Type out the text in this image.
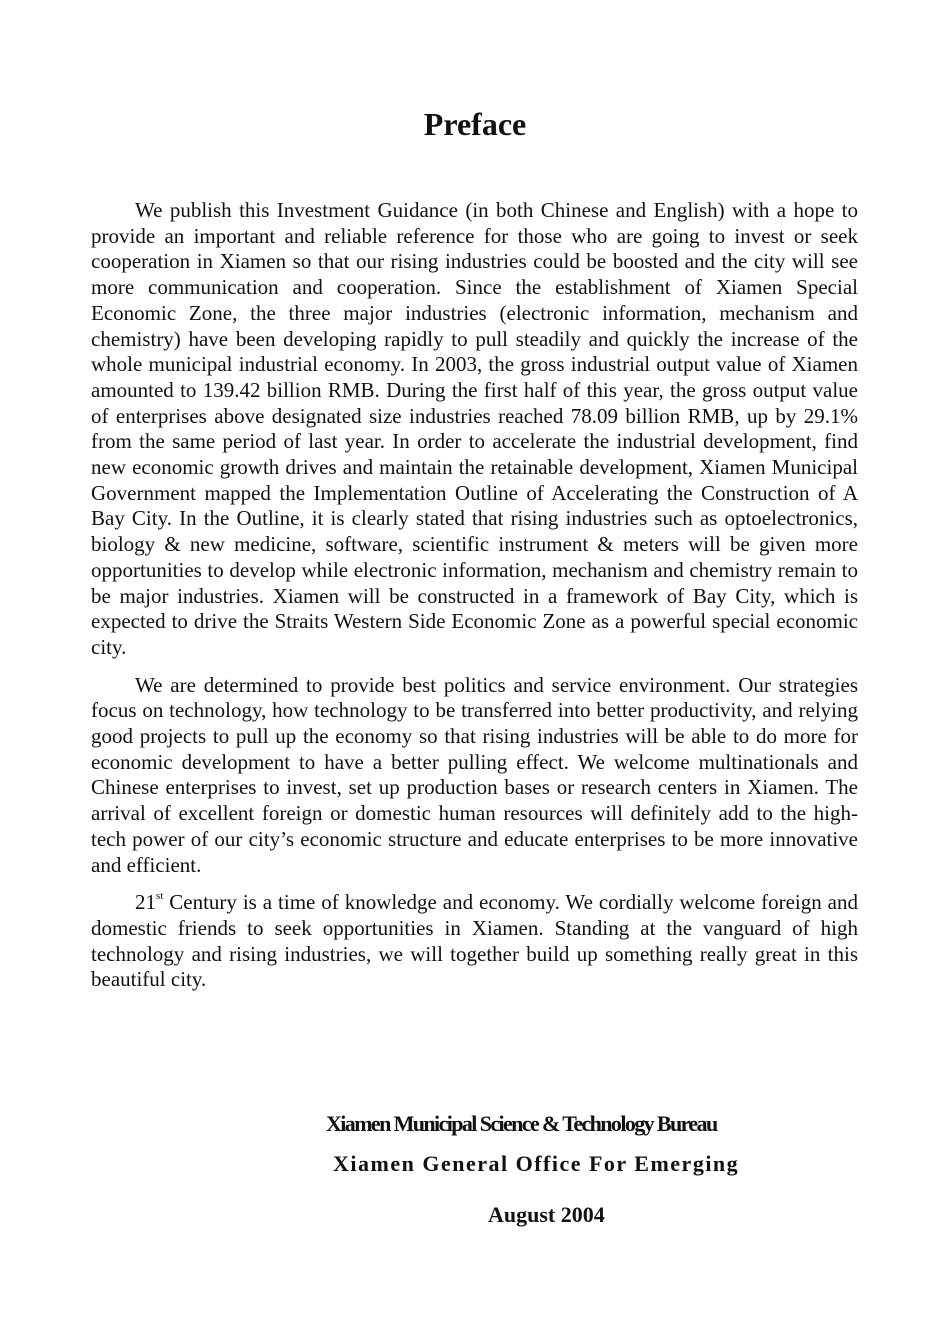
Preface

We publish this Investment Guidance (in both Chinese and English) with a hope to provide an important and reliable reference for those who are going to invest or seek cooperation in Xiamen so that our rising industries could be boosted and the city will see more communication and cooperation. Since the establishment of Xiamen Special Economic Zone, the three major industries (electronic information, mechanism and chemistry) have been developing rapidly to pull steadily and quickly the increase of the whole municipal industrial economy. In 2003, the gross industrial output value of Xiamen amounted to 139.42 billion RMB. During the first half of this year, the gross output value of enterprises above designated size industries reached 78.09 billion RMB, up by 29.1% from the same period of last year. In order to accelerate the industrial development, find new economic growth drives and maintain the retainable development, Xiamen Municipal Government mapped the Implementation Outline of Accelerating the Construction of A Bay City. In the Outline, it is clearly stated that rising industries such as optoelectronics, biology & new medicine, software, scientific instrument & meters will be given more opportunities to develop while electronic information, mechanism and chemistry remain to be major industries. Xiamen will be constructed in a framework of Bay City, which is expected to drive the Straits Western Side Economic Zone as a powerful special economic city.

We are determined to provide best politics and service environment. Our strategies focus on technology, how technology to be transferred into better productivity, and relying good projects to pull up the economy so that rising industries will be able to do more for economic development to have a better pulling effect. We welcome multinationals and Chinese enterprises to invest, set up production bases or research centers in Xiamen. The arrival of excellent foreign or domestic human resources will definitely add to the high-tech power of our city’s economic structure and educate enterprises to be more innovative and efficient.

21st Century is a time of knowledge and economy. We cordially welcome foreign and domestic friends to seek opportunities in Xiamen. Standing at the vanguard of high technology and rising industries, we will together build up something really great in this beautiful city.

Xiamen Municipal Science & Technology Bureau
Xiamen General Office For Emerging
August 2004
